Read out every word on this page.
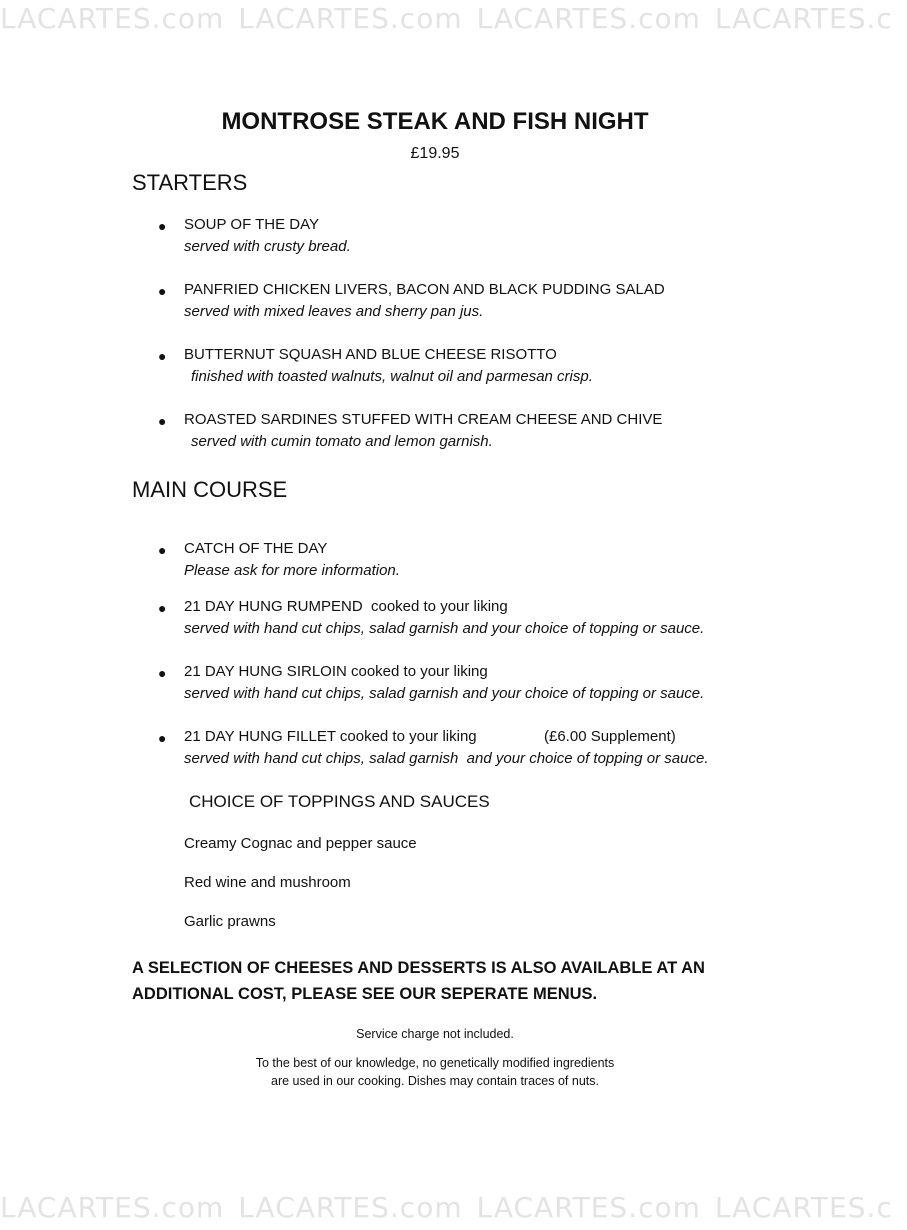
LACARTES.com LACARTES.com LACARTES.com LACARTES.c
LACARTES.com LACARTES.com LACARTES.com LACARTES.c
MONTROSE STEAK AND FISH NIGHT
£19.95
STARTERS
● SOUP OF THE DAY
served with crusty bread.
● PANFRIED CHICKEN LIVERS, BACON AND BLACK PUDDING SALAD
served with mixed leaves and sherry pan jus.
● BUTTERNUT SQUASH AND BLUE CHEESE RISOTTO
finished with toasted walnuts, walnut oil and parmesan crisp.
● ROASTED SARDINES STUFFED WITH CREAM CHEESE AND CHIVE
served with cumin tomato and lemon garnish.
MAIN COURSE
● CATCH OF THE DAY
Please ask for more information.
● 21 DAY HUNG RUMPEND  cooked to your liking
served with hand cut chips, salad garnish and your choice of topping or sauce.
● 21 DAY HUNG SIRLOIN cooked to your liking
served with hand cut chips, salad garnish and your choice of topping or sauce.
● 21 DAY HUNG FILLET cooked to your liking	(£6.00 Supplement)
served with hand cut chips, salad garnish  and your choice of topping or sauce.
CHOICE OF TOPPINGS AND SAUCES
Creamy Cognac and pepper sauce
Red wine and mushroom
Garlic prawns
A SELECTION OF CHEESES AND DESSERTS IS ALSO AVAILABLE AT AN
ADDITIONAL COST, PLEASE SEE OUR SEPERATE MENUS.
Service charge not included.
To the best of our knowledge, no genetically modified ingredients
are used in our cooking. Dishes may contain traces of nuts.
